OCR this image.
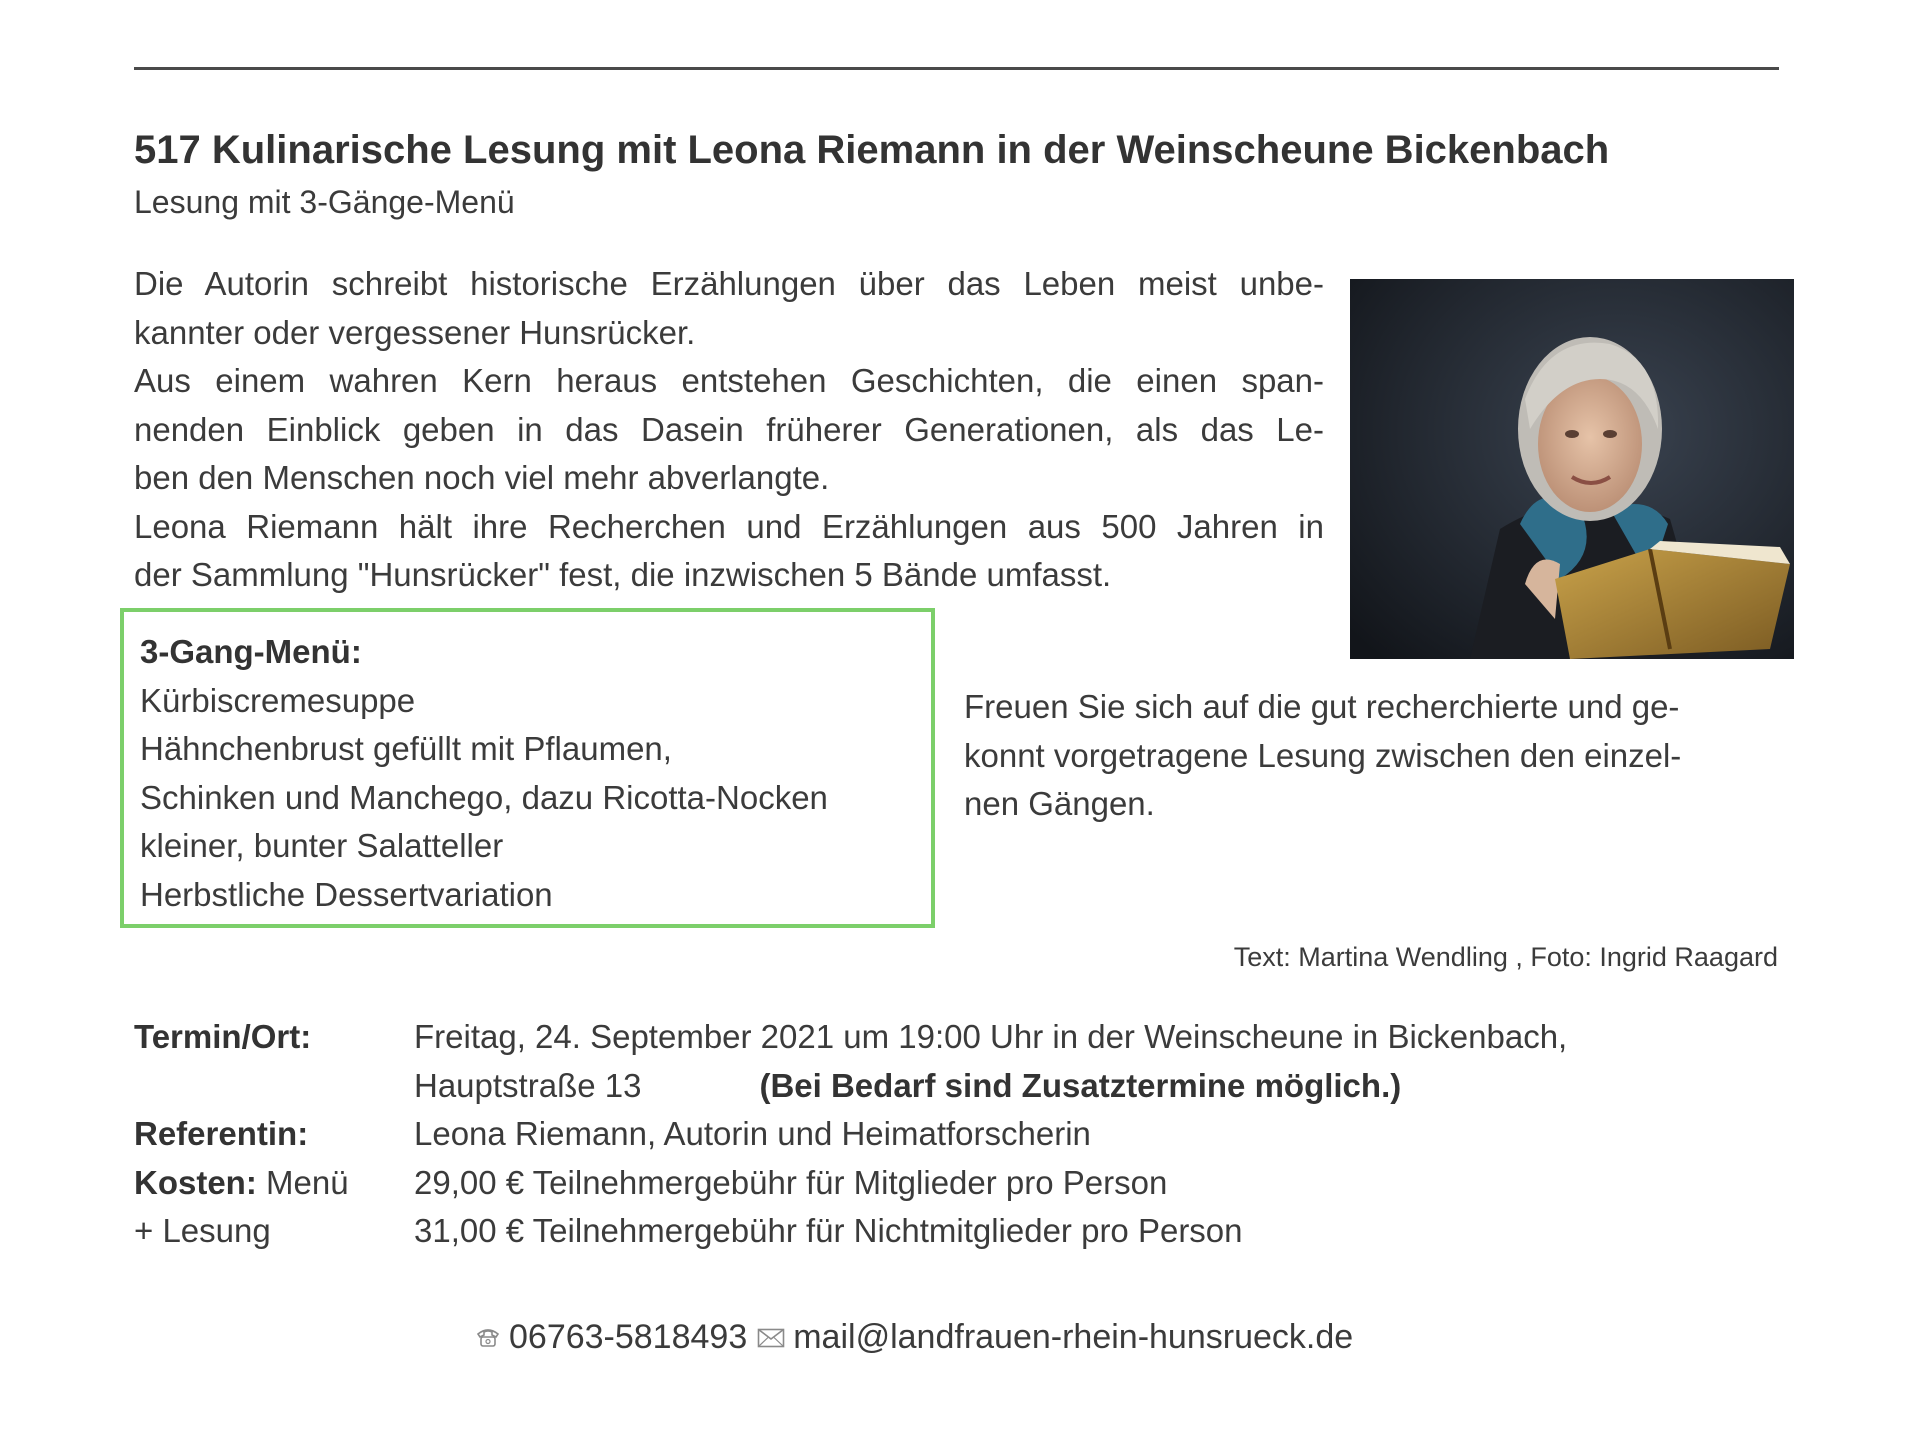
517 Kulinarische Lesung mit Leona Riemann in der Weinscheune Bickenbach
Lesung mit 3-Gänge-Menü
Die Autorin schreibt historische Erzählungen über das Leben meist unbe-
kannter oder vergessener Hunsrücker.
Aus einem wahren Kern heraus entstehen Geschichten, die einen span-
nenden Einblick geben in das Dasein früherer Generationen, als das Le-
ben den Menschen noch viel mehr abverlangte.
Leona Riemann hält ihre Recherchen und Erzählungen aus 500 Jahren in
der Sammlung "Hunsrücker" fest, die inzwischen 5 Bände umfasst.
3-Gang-Menü:
Kürbiscremesuppe
Hähnchenbrust gefüllt mit Pflaumen,
Schinken und Manchego, dazu Ricotta-Nocken
kleiner, bunter Salatteller
Herbstliche Dessertvariation
Freuen Sie sich auf die gut recherchierte und ge-
konnt vorgetragene Lesung zwischen den einzel-
nen Gängen.
Text: Martina Wendling , Foto: Ingrid Raagard
Termin/Ort:	Freitag, 24. September 2021 um 19:00 Uhr in der Weinscheune in Bickenbach,
Hauptstraße 13	(Bei Bedarf sind Zusatztermine möglich.)
Referentin:	Leona Riemann, Autorin und Heimatforscherin
Kosten: Menü	29,00 € Teilnehmergebühr für Mitglieder pro Person
+ Lesung	31,00 € Teilnehmergebühr für Nichtmitglieder pro Person
06763-5818493 mail@landfrauen-rhein-hunsrueck.de
